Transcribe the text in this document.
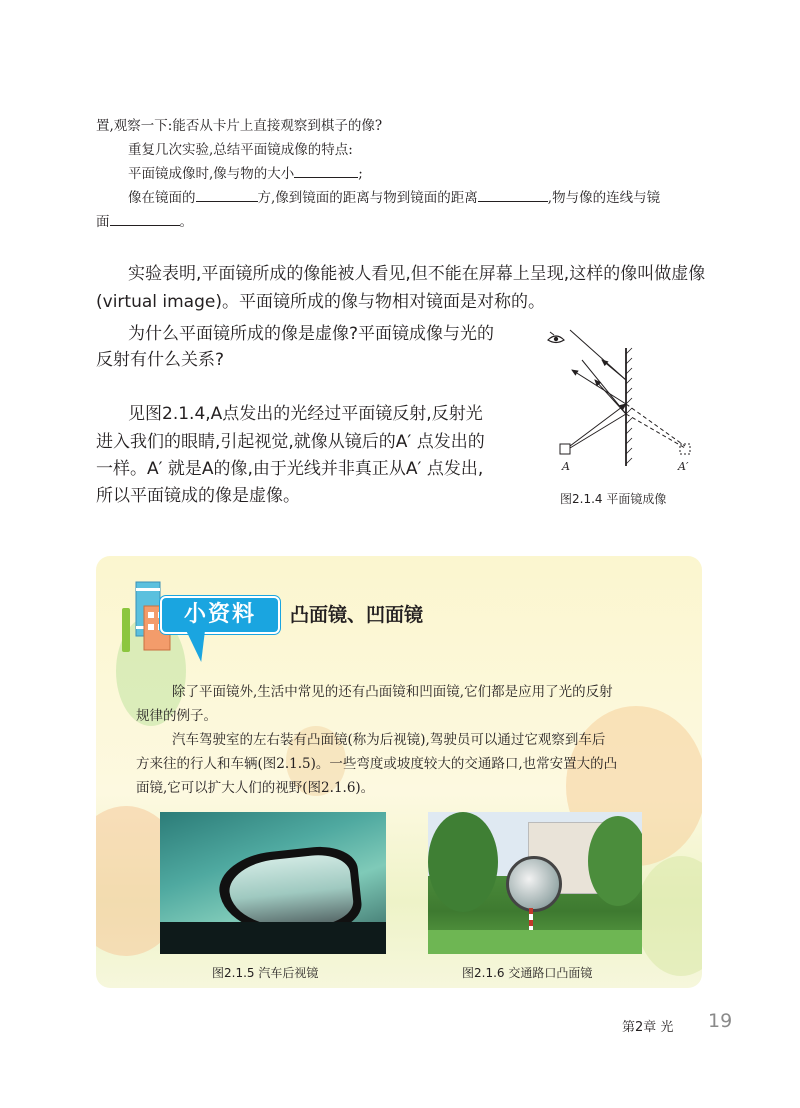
置,观察一下:能否从卡片上直接观察到棋子的像?
重复几次实验,总结平面镜成像的特点:
平面镜成像时,像与物的大小	;
像在镜面的	方,像到镜面的距离与物到镜面的距离	,物与像的连线与镜
面	。
实验表明,平面镜所成的像能被人看见,但不能在屏幕上呈现,这样的像叫做虚像
(virtual image)。平面镜所成的像与物相对镜面是对称的。
为什么平面镜所成的像是虚像?平面镜成像与光的
反射有什么关系?
见图2.1.4,A点发出的光经过平面镜反射,反射光
进入我们的眼睛,引起视觉,就像从镜后的A′ 点发出的
一样。A′ 就是A的像,由于光线并非真正从A′ 点发出,
所以平面镜成的像是虚像。
A	A′
图2.1.4 平面镜成像
小资料	凸面镜、凹面镜
除了平面镜外,生活中常见的还有凸面镜和凹面镜,它们都是应用了光的反射
规律的例子。
汽车驾驶室的左右装有凸面镜(称为后视镜),驾驶员可以通过它观察到车后
方来往的行人和车辆(图2.1.5)。一些弯度或坡度较大的交通路口,也常安置大的凸
面镜,它可以扩大人们的视野(图2.1.6)。
图2.1.5 汽车后视镜	图2.1.6 交通路口凸面镜
第2章 光 19
